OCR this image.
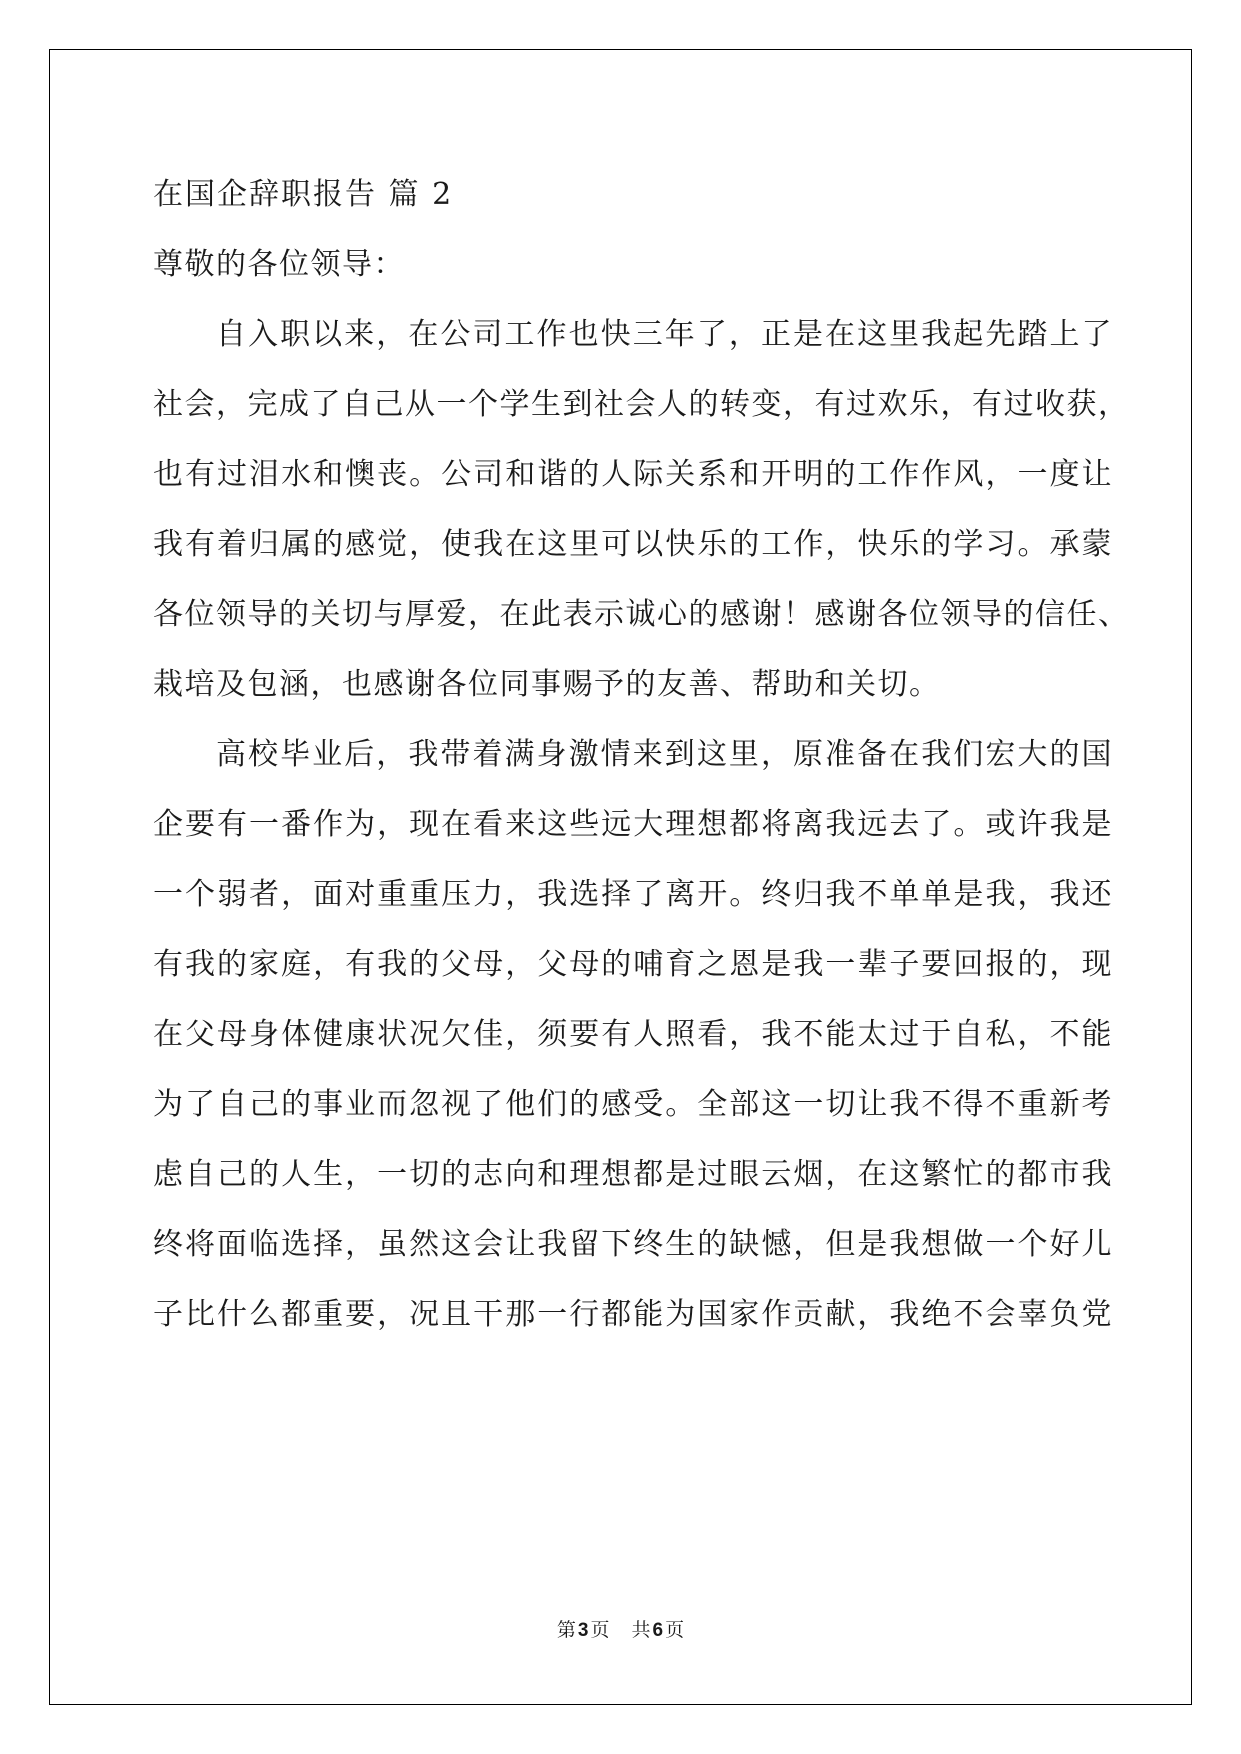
在国企辞职报告 篇 2
尊敬的各位领导：
自入职以来，在公司工作也快三年了，正是在这里我起先踏上了
社会，完成了自己从一个学生到社会人的转变，有过欢乐，有过收获，
也有过泪水和懊丧。公司和谐的人际关系和开明的工作作风，一度让
我有着归属的感觉，使我在这里可以快乐的工作，快乐的学习。承蒙
各位领导的关切与厚爱，在此表示诚心的感谢！感谢各位领导的信任、
栽培及包涵，也感谢各位同事赐予的友善、帮助和关切。
高校毕业后，我带着满身激情来到这里，原准备在我们宏大的国
企要有一番作为，现在看来这些远大理想都将离我远去了。或许我是
一个弱者，面对重重压力，我选择了离开。终归我不单单是我，我还
有我的家庭，有我的父母，父母的哺育之恩是我一辈子要回报的，现
在父母身体健康状况欠佳，须要有人照看，我不能太过于自私，不能
为了自己的事业而忽视了他们的感受。全部这一切让我不得不重新考
虑自己的人生，一切的志向和理想都是过眼云烟，在这繁忙的都市我
终将面临选择，虽然这会让我留下终生的缺憾，但是我想做一个好儿
子比什么都重要，况且干那一行都能为国家作贡献，我绝不会辜负党
第 3 页 共 6 页
